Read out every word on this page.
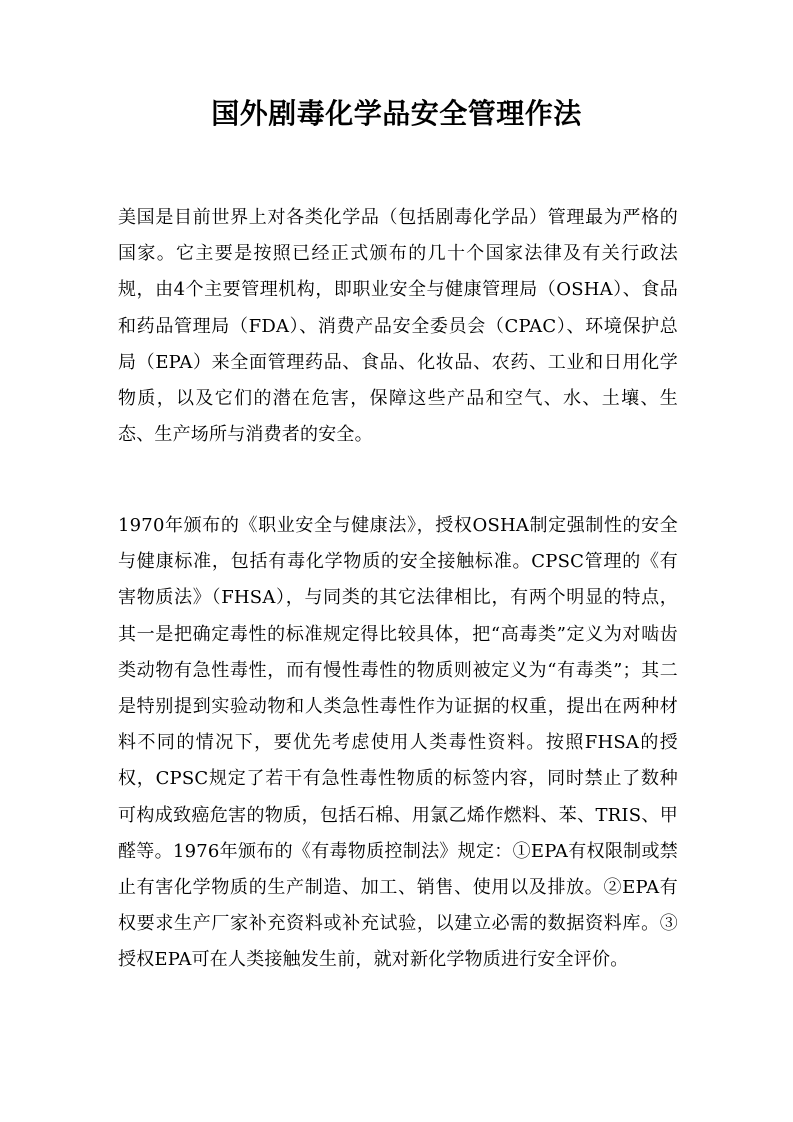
国外剧毒化学品安全管理作法

美国是目前世界上对各类化学品（包括剧毒化学品）管理最为严格的国家。它主要是按照已经正式颁布的几十个国家法律及有关行政法规，由4个主要管理机构，即职业安全与健康管理局（OSHA）、食品和药品管理局（FDA）、消费产品安全委员会（CPAC）、环境保护总局（EPA）来全面管理药品、食品、化妆品、农药、工业和日用化学物质，以及它们的潜在危害，保障这些产品和空气、水、土壤、生态、生产场所与消费者的安全。

1970年颁布的《职业安全与健康法》，授权OSHA制定强制性的安全与健康标准，包括有毒化学物质的安全接触标准。CPSC管理的《有害物质法》（FHSA），与同类的其它法律相比，有两个明显的特点，其一是把确定毒性的标准规定得比较具体，把“高毒类”定义为对啮齿类动物有急性毒性，而有慢性毒性的物质则被定义为“有毒类”；其二是特别提到实验动物和人类急性毒性作为证据的权重，提出在两种材料不同的情况下，要优先考虑使用人类毒性资料。按照FHSA的授权，CPSC规定了若干有急性毒性物质的标签内容，同时禁止了数种可构成致癌危害的物质，包括石棉、用氯乙烯作燃料、苯、TRIS、甲醛等。1976年颁布的《有毒物质控制法》规定：①EPA有权限制或禁止有害化学物质的生产制造、加工、销售、使用以及排放。②EPA有权要求生产厂家补充资料或补充试验，以建立必需的数据资料库。③授权EPA可在人类接触发生前，就对新化学物质进行安全评价。
